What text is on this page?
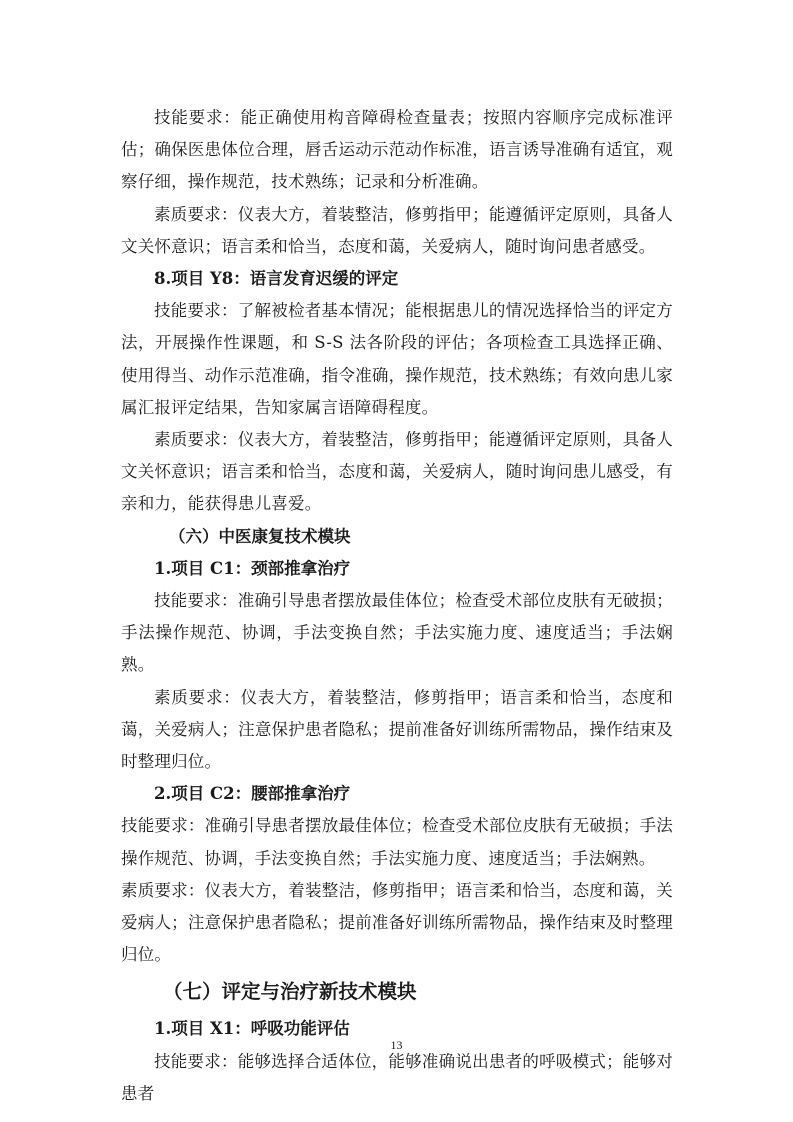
技能要求：能正确使用构音障碍检查量表；按照内容顺序完成标准评估；确保医患体位合理，唇舌运动示范动作标准，语言诱导准确有适宜，观察仔细，操作规范，技术熟练；记录和分析准确。

素质要求：仪表大方，着装整洁，修剪指甲；能遵循评定原则，具备人文关怀意识；语言柔和恰当，态度和蔼，关爱病人，随时询问患者感受。

8.项目 Y8：语言发育迟缓的评定

技能要求：了解被检者基本情况；能根据患儿的情况选择恰当的评定方法，开展操作性课题，和 S-S 法各阶段的评估；各项检查工具选择正确、使用得当、动作示范准确，指令准确，操作规范，技术熟练；有效向患儿家属汇报评定结果，告知家属言语障碍程度。

素质要求：仪表大方，着装整洁，修剪指甲；能遵循评定原则，具备人文关怀意识；语言柔和恰当，态度和蔼，关爱病人，随时询问患儿感受，有亲和力，能获得患儿喜爱。

（六）中医康复技术模块

1.项目 C1：颈部推拿治疗

技能要求：准确引导患者摆放最佳体位；检查受术部位皮肤有无破损；手法操作规范、协调，手法变换自然；手法实施力度、速度适当；手法娴熟。

素质要求：仪表大方，着装整洁，修剪指甲；语言柔和恰当，态度和蔼，关爱病人；注意保护患者隐私；提前准备好训练所需物品，操作结束及时整理归位。

2.项目 C2：腰部推拿治疗

技能要求：准确引导患者摆放最佳体位；检查受术部位皮肤有无破损；手法操作规范、协调，手法变换自然；手法实施力度、速度适当；手法娴熟。

素质要求：仪表大方，着装整洁，修剪指甲；语言柔和恰当，态度和蔼，关爱病人；注意保护患者隐私；提前准备好训练所需物品，操作结束及时整理归位。

（七）评定与治疗新技术模块

1.项目 X1：呼吸功能评估

技能要求：能够选择合适体位，能够准确说出患者的呼吸模式；能够对患者

13
